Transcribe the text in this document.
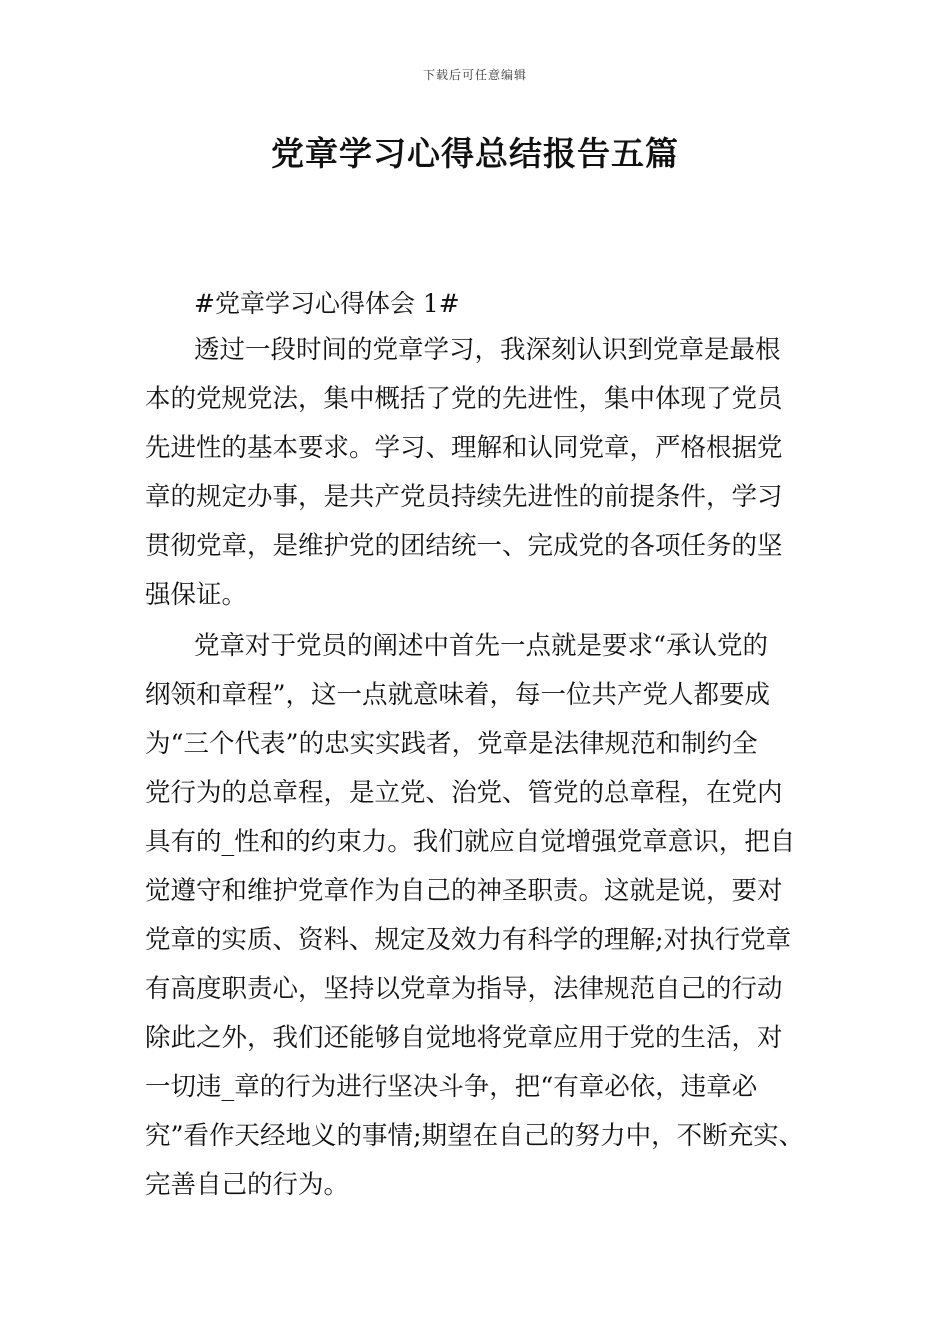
下载后可任意编辑
党章学习心得总结报告五篇
#党章学习心得体会 1#
透过一段时间的党章学习，我深刻认识到党章是最根
本的党规党法，集中概括了党的先进性，集中体现了党员
先进性的基本要求。学习、理解和认同党章，严格根据党
章的规定办事，是共产党员持续先进性的前提条件，学习
贯彻党章，是维护党的团结统一、完成党的各项任务的坚
强保证。
党章对于党员的阐述中首先一点就是要求“承认党的
纲领和章程”，这一点就意味着，每一位共产党人都要成
为“三个代表”的忠实实践者，党章是法律规范和制约全
党行为的总章程，是立党、治党、管党的总章程，在党内
具有的_性和的约束力。我们就应自觉增强党章意识，把自
觉遵守和维护党章作为自己的神圣职责。这就是说，要对
党章的实质、资料、规定及效力有科学的理解;对执行党章
有高度职责心，坚持以党章为指导，法律规范自己的行动
除此之外，我们还能够自觉地将党章应用于党的生活，对
一切违_章的行为进行坚决斗争，把“有章必依，违章必
究”看作天经地义的事情;期望在自己的努力中，不断充实、
完善自己的行为。
